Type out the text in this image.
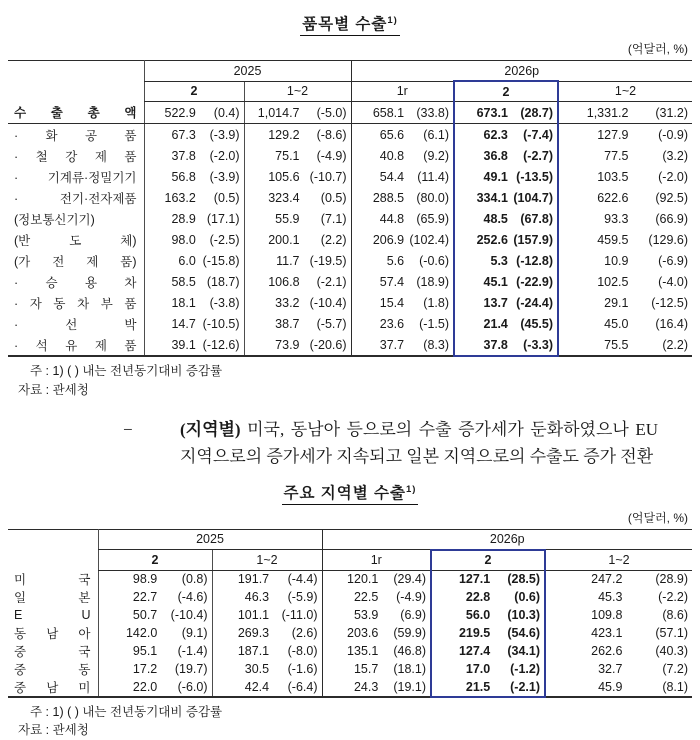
품목별 수출$^{1)}$
(억달러, %)
	2025		2026p		
	2	1~2	1r	2	1~2
수 출 총 액	522.9 (0.4)	1,014.7 (-5.0)	658.1 (33.8)	673.1 (28.7)	1,331.2 (31.2)

· 화 공 품	67.3 (-3.9)	129.2 (-8.6)	65.6 (6.1)	62.3 (-7.4)	127.9 (-0.9)

· 철 강 제 품	37.8 (-2.0)	75.1 (-4.9)	40.8 (9.2)	36.8 (-2.7)	77.5 (3.2)

· 기계류·정밀기기	56.8 (-3.9)	105.6 (-10.7)	54.4 (11.4)	49.1 (-13.5)	103.5 (-2.0)

· 전기·전자제품	163.2 (0.5)	323.4 (0.5)	288.5 (80.0)	334.1 (104.7)	622.6 (92.5)

(정보통신기기)	28.9 (17.1)	55.9 (7.1)	44.8 (65.9)	48.5 (67.8)	93.3 (66.9)

(반 도 체)	98.0 (-2.5)	200.1 (2.2)	206.9 (102.4)	252.6 (157.9)	459.5 (129.6)

(가 전 제 품)	6.0 (-15.8)	11.7 (-19.5)	5.6 (-0.6)	5.3 (-12.8)	10.9 (-6.9)

· 승 용 차	58.5 (18.7)	106.8 (-2.1)	57.4 (18.9)	45.1 (-22.9)	102.5 (-4.0)

· 자 동 차 부 품	18.1 (-3.8)	33.2 (-10.4)	15.4 (1.8)	13.7 (-24.4)	29.1 (-12.5)

· 선 박	14.7 (-10.5)	38.7 (-5.7)	23.6 (-1.5)	21.4 (45.5)	45.0 (16.4)

· 석 유 제 품	39.1 (-12.6)	73.9 (-20.6)	37.7 (8.3)	37.8 (-3.3)	75.5 (2.2)
주 : 1) ( ) 내는 전년동기대비 증감률
자료 : 관세청
−	(지역별) 미국, 동남아 등으로의 수출 증가세가 둔화하였으나 EU 지역으로의 증가세가 지속되고 일본 지역으로의 수출도 증가 전환
주요 지역별 수출$^{1)}$
(억달러, %)
	2025		2026p		
	2	1~2	1r	2	1~2
미 국	98.9 (0.8)	191.7 (-4.4)	120.1 (29.4)	127.1 (28.5)	247.2 (28.9)

일 본	22.7 (-4.6)	46.3 (-5.9)	22.5 (-4.9)	22.8 (0.6)	45.3 (-2.2)

E U	50.7 (-10.4)	101.1 (-11.0)	53.9 (6.9)	56.0 (10.3)	109.8 (8.6)

동 남 아	142.0 (9.1)	269.3 (2.6)	203.6 (59.9)	219.5 (54.6)	423.1 (57.1)

중 국	95.1 (-1.4)	187.1 (-8.0)	135.1 (46.8)	127.4 (34.1)	262.6 (40.3)

중 동	17.2 (19.7)	30.5 (-1.6)	15.7 (18.1)	17.0 (-1.2)	32.7 (7.2)

중 남 미	22.0 (-6.0)	42.4 (-6.4)	24.3 (19.1)	21.5 (-2.1)	45.9 (8.1)
주 : 1) ( ) 내는 전년동기대비 증감률
자료 : 관세청
